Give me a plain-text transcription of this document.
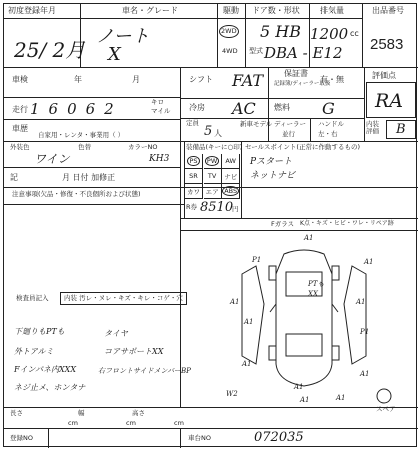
初度登録年月
25/ 2月
車名・グレード
ノート
X
駆動
2WD
4WD
ドア数・形状
5 HB
排気量
1200 cc
型式 DBA - E12
出品番号
2583
車検	年	月
走行 16062	キロ
マイル
車歴
自家用・レンタ・事業用（ ）
外装色
ワイン
色替	カラーNO
KH3
記	月 日付 加修正
シフト FAT	保証書
記録簿/ディーラー取扱
有・無
冷房 AC 燃料 G
定員
5 人
新車モデル ディーラー
並行
ハンドル
左・右
評価点
RA
内装評価	B
装備品(キーに○印)
PS	PW	AW
SR TV ナビ
カワ エア ABS
R券 8510
円
セールスポイント(正常に作動するもの)
Pスタート
ネットナビ
注意事項(欠品・修復・不良個所および状態)
Fガラス K点・キズ・ヒビ・ワレ・リペア跡
検査員記入	内装 汚レ・ヌレ・キズ・キレ・コゲ・穴
下廻りもPTも	タイヤ
外トアルミ	コアサポートXX
Fインパネ内XXX	右フロントサイドメンバーBP
ネジ止メ、ホンタナ
A1
P1
A1
A1
PTも
XX
A1
A1
P1
A1
A1
A1
W2	A1
A1
スペア
長さ
cm
幅
cm
高さ
cm
登録NO	車台NO	072035
